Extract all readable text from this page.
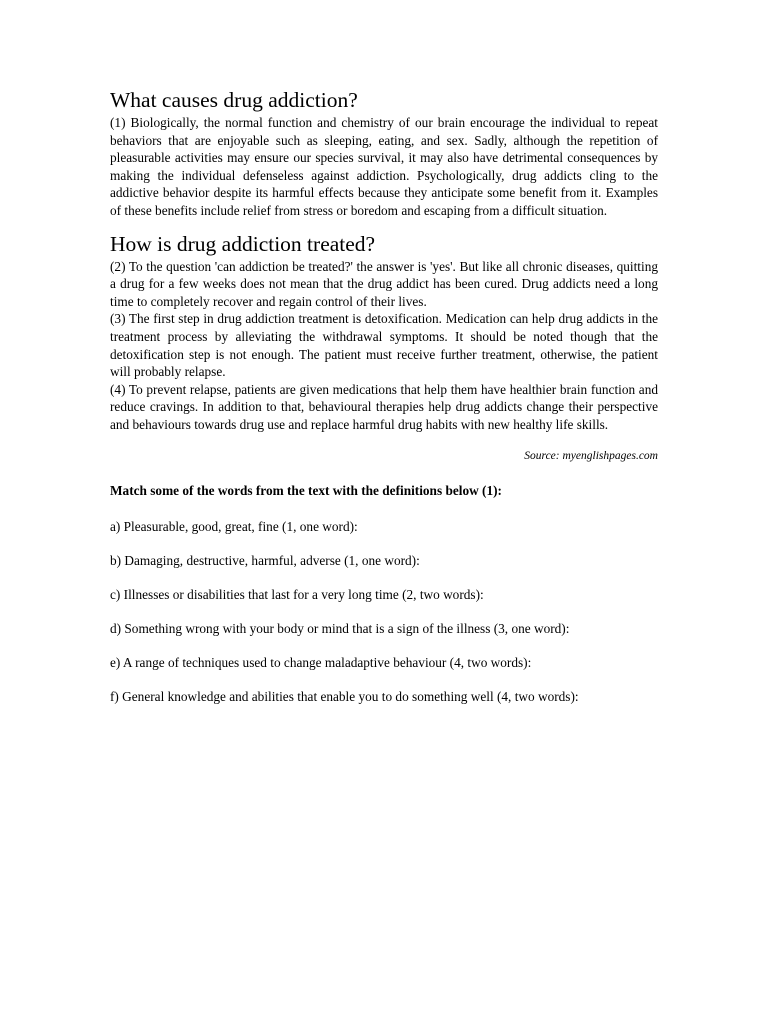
What causes drug addiction?

(1) Biologically, the normal function and chemistry of our brain encourage the individual to repeat behaviors that are enjoyable such as sleeping, eating, and sex. Sadly, although the repetition of pleasurable activities may ensure our species survival, it may also have detrimental consequences by making the individual defenseless against addiction. Psychologically, drug addicts cling to the addictive behavior despite its harmful effects because they anticipate some benefit from it. Examples of these benefits include relief from stress or boredom and escaping from a difficult situation.

How is drug addiction treated?

(2) To the question 'can addiction be treated?' the answer is 'yes'. But like all chronic diseases, quitting a drug for a few weeks does not mean that the drug addict has been cured. Drug addicts need a long time to completely recover and regain control of their lives.

(3) The first step in drug addiction treatment is detoxification. Medication can help drug addicts in the treatment process by alleviating the withdrawal symptoms. It should be noted though that the detoxification step is not enough. The patient must receive further treatment, otherwise, the patient will probably relapse.

(4) To prevent relapse, patients are given medications that help them have healthier brain function and reduce cravings. In addition to that, behavioural therapies help drug addicts change their perspective and behaviours towards drug use and replace harmful drug habits with new healthy life skills.

Source: myenglishpages.com

Match some of the words from the text with the definitions below (1):

a) Pleasurable, good, great, fine (1, one word):
b) Damaging, destructive, harmful, adverse (1, one word):
c) Illnesses or disabilities that last for a very long time (2, two words):
d) Something wrong with your body or mind that is a sign of the illness (3, one word):
e) A range of techniques used to change maladaptive behaviour (4, two words):
f) General knowledge and abilities that enable you to do something well (4, two words):
